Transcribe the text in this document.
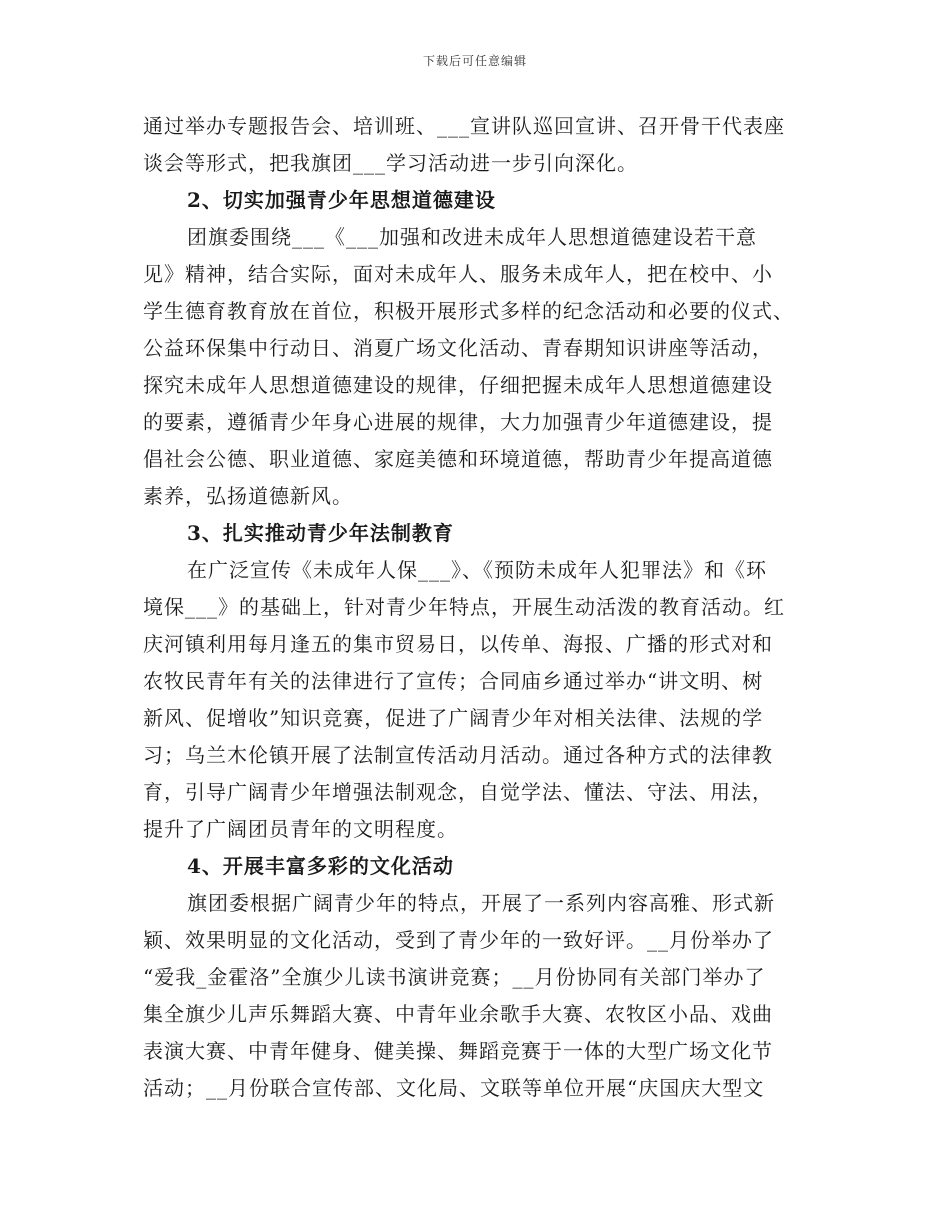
下载后可任意编辑
通过举办专题报告会、培训班、___宣讲队巡回宣讲、召开骨干代表座
谈会等形式，把我旗团___学习活动进一步引向深化。
2、切实加强青少年思想道德建设
团旗委围绕___《___加强和改进未成年人思想道德建设若干意
见》精神，结合实际，面对未成年人、服务未成年人，把在校中、小
学生德育教育放在首位，积极开展形式多样的纪念活动和必要的仪式、
公益环保集中行动日、消夏广场文化活动、青春期知识讲座等活动，
探究未成年人思想道德建设的规律，仔细把握未成年人思想道德建设
的要素，遵循青少年身心进展的规律，大力加强青少年道德建设，提
倡社会公德、职业道德、家庭美德和环境道德，帮助青少年提高道德
素养，弘扬道德新风。
3、扎实推动青少年法制教育
在广泛宣传《未成年人保___》、《预防未成年人犯罪法》和《环
境保___》的基础上，针对青少年特点，开展生动活泼的教育活动。红
庆河镇利用每月逢五的集市贸易日，以传单、海报、广播的形式对和
农牧民青年有关的法律进行了宣传；合同庙乡通过举办“讲文明、树
新风、促增收”知识竞赛，促进了广阔青少年对相关法律、法规的学
习；乌兰木伦镇开展了法制宣传活动月活动。通过各种方式的法律教
育，引导广阔青少年增强法制观念，自觉学法、懂法、守法、用法，
提升了广阔团员青年的文明程度。
4、开展丰富多彩的文化活动
旗团委根据广阔青少年的特点，开展了一系列内容高雅、形式新
颖、效果明显的文化活动，受到了青少年的一致好评。__月份举办了
“爱我_金霍洛”全旗少儿读书演讲竞赛；__月份协同有关部门举办了
集全旗少儿声乐舞蹈大赛、中青年业余歌手大赛、农牧区小品、戏曲
表演大赛、中青年健身、健美操、舞蹈竞赛于一体的大型广场文化节
活动；__月份联合宣传部、文化局、文联等单位开展“庆国庆大型文
